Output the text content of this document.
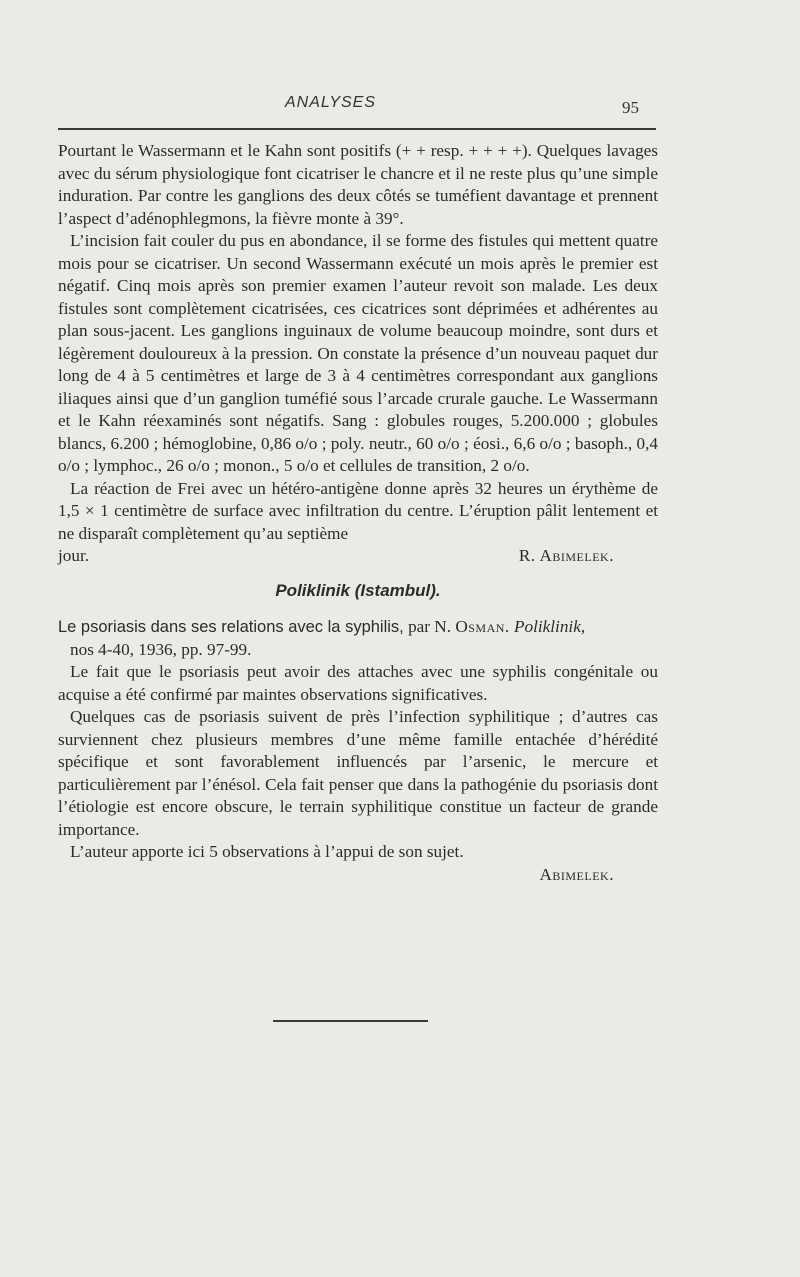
ANALYSES	95

Pourtant le Wassermann et le Kahn sont positifs (+ + resp. + + + +). Quelques lavages avec du sérum physiologique font cicatriser le chancre et il ne reste plus qu’une simple induration. Par contre les ganglions des deux côtés se tuméfient davantage et prennent l’aspect d’adénophlegmons, la fièvre monte à 39°.

L’incision fait couler du pus en abondance, il se forme des fistules qui mettent quatre mois pour se cicatriser. Un second Wassermann exécuté un mois après le premier est négatif. Cinq mois après son premier examen l’auteur revoit son malade. Les deux fistules sont complètement cicatrisées, ces cicatrices sont déprimées et adhérentes au plan sous-jacent. Les ganglions inguinaux de volume beaucoup moindre, sont durs et légèrement douloureux à la pression. On constate la présence d’un nouveau paquet dur long de 4 à 5 centimètres et large de 3 à 4 centimètres correspondant aux ganglions iliaques ainsi que d’un ganglion tuméfié sous l’arcade crurale gauche. Le Wassermann et le Kahn réexaminés sont négatifs. Sang : globules rouges, 5.200.000 ; globules blancs, 6.200 ; hémoglobine, 0,86 o/o ; poly. neutr., 60 o/o ; éosi., 6,6 o/o ; basoph., 0,4 o/o ; lymphoc., 26 o/o ; monon., 5 o/o et cellules de transition, 2 o/o.

La réaction de Frei avec un hétéro-antigène donne après 32 heures un érythème de 1,5 × 1 centimètre de surface avec infiltration du centre. L’éruption pâlit lentement et ne disparaît complètement qu’au septième

jour.	R. Abimelek.
Poliklinik (Istambul).

Le psoriasis dans ses relations avec la syphilis, par N. Osman. Poliklinik,

nos 4-40, 1936, pp. 97-99.

Le fait que le psoriasis peut avoir des attaches avec une syphilis congénitale ou acquise a été confirmé par maintes observations significatives.

Quelques cas de psoriasis suivent de près l’infection syphilitique ; d’autres cas surviennent chez plusieurs membres d’une même famille entachée d’hérédité spécifique et sont favorablement influencés par l’arsenic, le mercure et particulièrement par l’énésol. Cela fait penser que dans la pathogénie du psoriasis dont l’étiologie est encore obscure, le terrain syphilitique constitue un facteur de grande importance.

L’auteur apporte ici 5 observations à l’appui de son sujet.

Abimelek.
